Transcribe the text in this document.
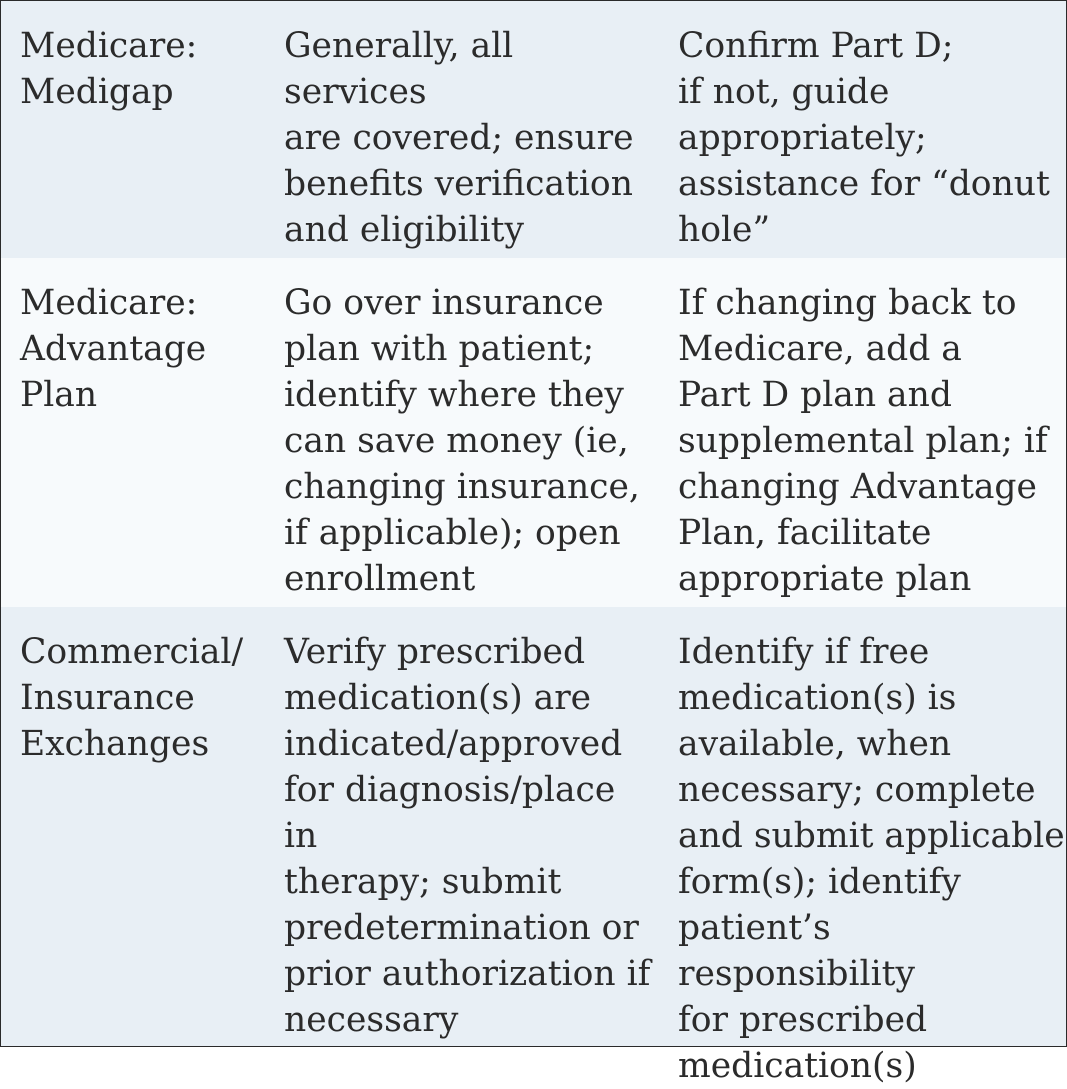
Medicare:
Medigap
Generally, all services
are covered; ensure
benefits verification
and eligibility
Confirm Part D;
if not, guide
appropriately;
assistance for “donut
hole”
Medicare:
Advantage
Plan
Go over insurance
plan with patient;
identify where they
can save money (ie,
changing insurance,
if applicable); open
enrollment
If changing back to
Medicare, add a
Part D plan and
supplemental plan; if
changing Advantage
Plan, facilitate
appropriate plan
Commercial/
Insurance
Exchanges
Verify prescribed
medication(s) are
indicated/approved
for diagnosis/place in
therapy; submit
predetermination or
prior authorization if
necessary
Identify if free
medication(s) is
available, when
necessary; complete
and submit applicable
form(s); identify
patient’s responsibility
for prescribed
medication(s)
